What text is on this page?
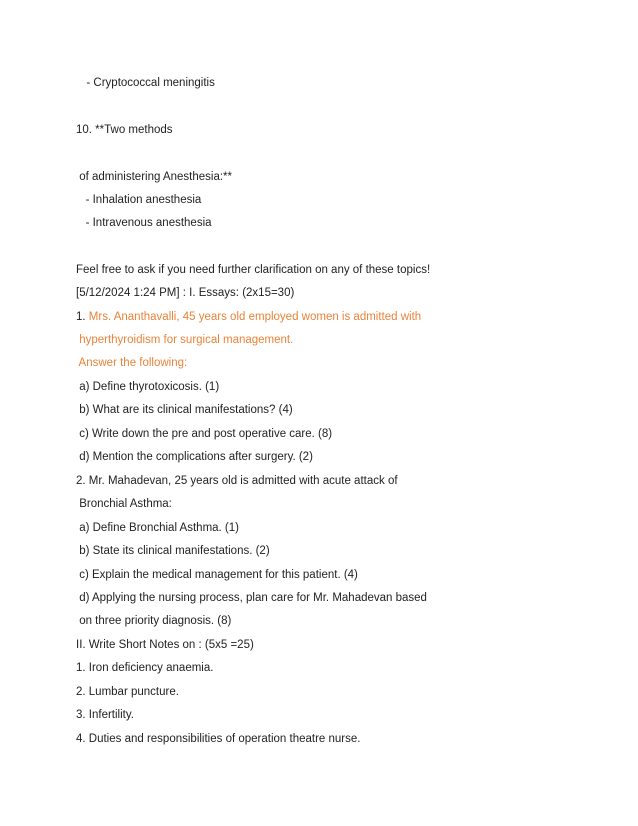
- Cryptococcal meningitis
10. **Two methods
of administering Anesthesia:**
- Inhalation anesthesia
- Intravenous anesthesia
Feel free to ask if you need further clarification on any of these topics!
[5/12/2024 1:24 PM] : I. Essays: (2x15=30)
1. Mrs. Ananthavalli, 45 years old employed women is admitted with
hyperthyroidism for surgical management.
Answer the following:
a) Define thyrotoxicosis. (1)
b) What are its clinical manifestations? (4)
c) Write down the pre and post operative care. (8)
d) Mention the complications after surgery. (2)
2. Mr. Mahadevan, 25 years old is admitted with acute attack of
Bronchial Asthma:
a) Define Bronchial Asthma. (1)
b) State its clinical manifestations. (2)
c) Explain the medical management for this patient. (4)
d) Applying the nursing process, plan care for Mr. Mahadevan based
on three priority diagnosis. (8)
II. Write Short Notes on : (5x5 =25)
1. Iron deficiency anaemia.
2. Lumbar puncture.
3. Infertility.
4. Duties and responsibilities of operation theatre nurse.
